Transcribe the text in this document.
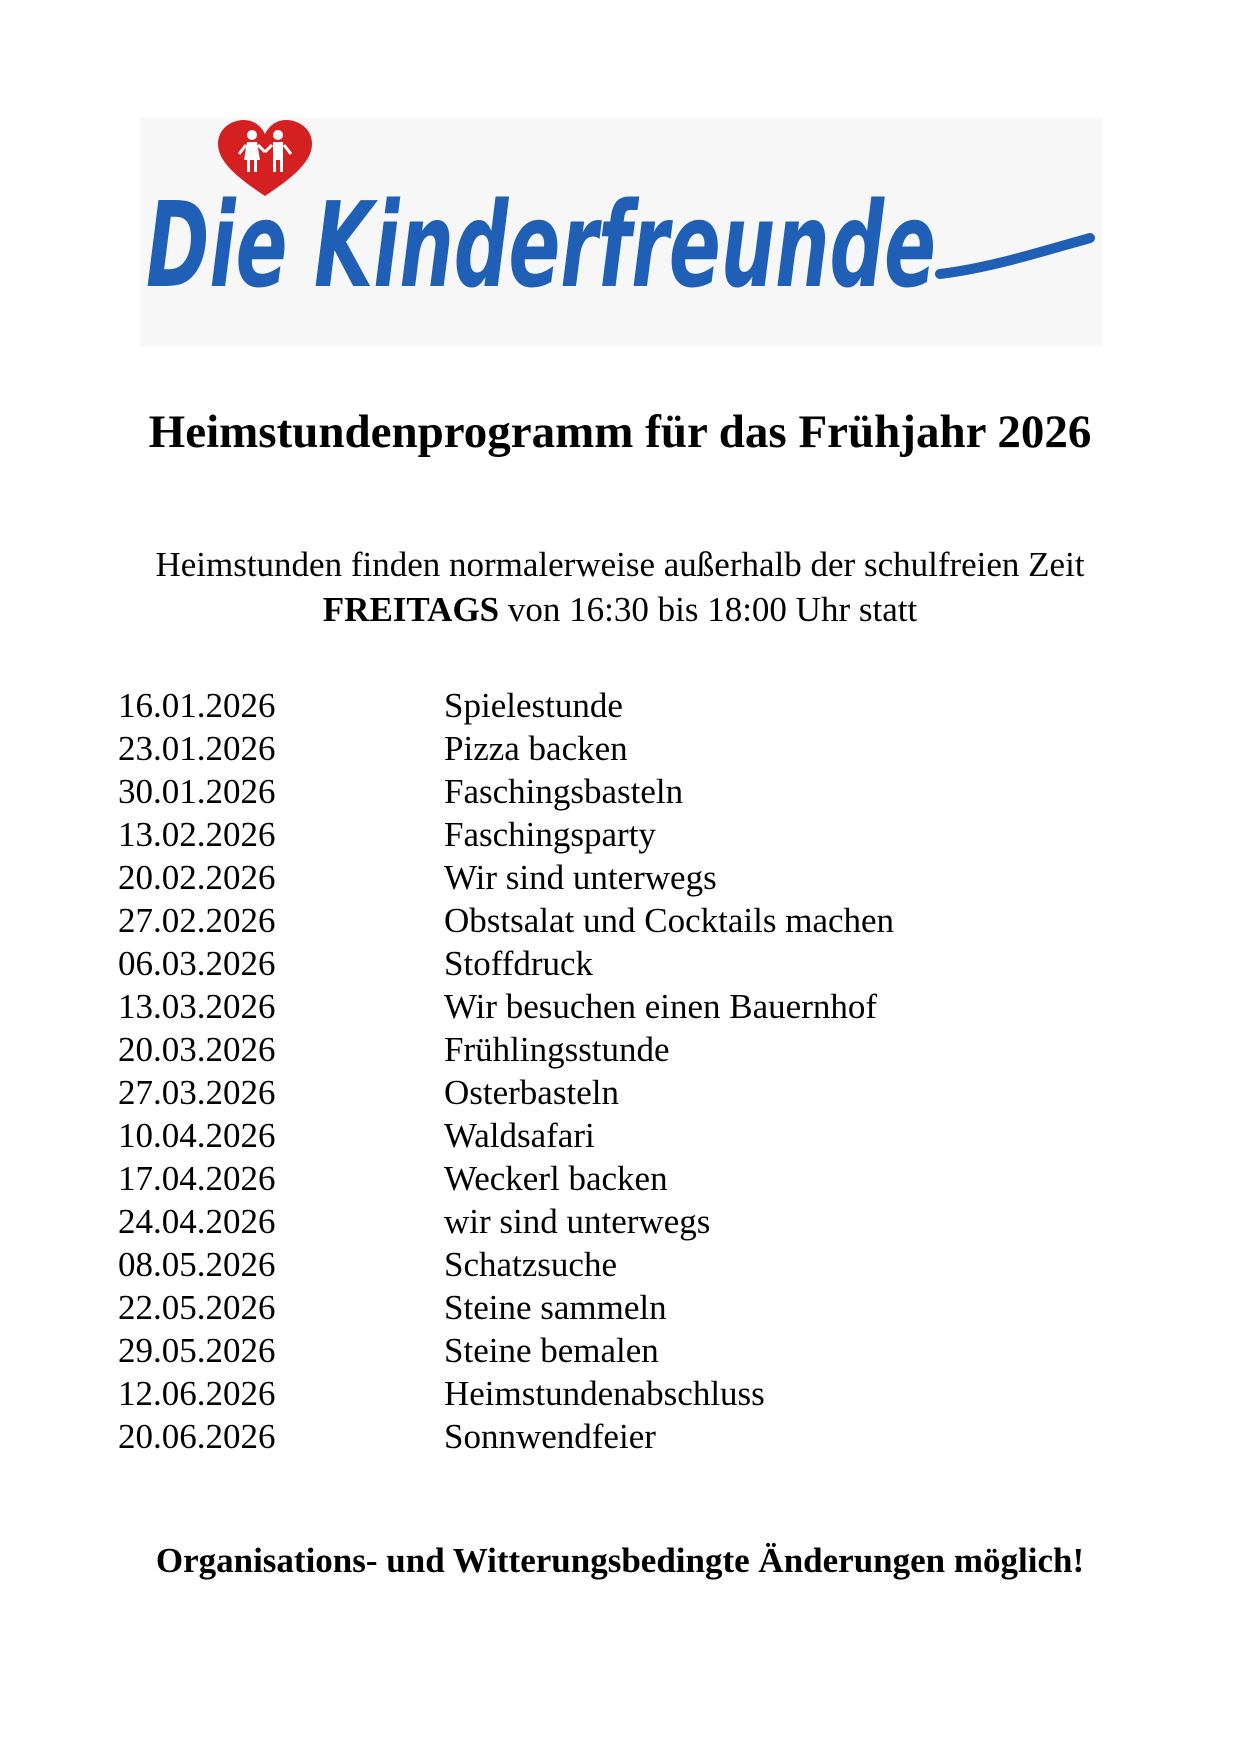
Die Kinderfreunde
Heimstundenprogramm für das Frühjahr 2026
Heimstunden finden normalerweise außerhalb der schulfreien Zeit
FREITAGS von 16:30 bis 18:00 Uhr statt
16.01.2026	Spielestunde
23.01.2026	Pizza backen
30.01.2026	Faschingsbasteln
13.02.2026	Faschingsparty
20.02.2026	Wir sind unterwegs
27.02.2026	Obstsalat und Cocktails machen
06.03.2026	Stoffdruck
13.03.2026	Wir besuchen einen Bauernhof
20.03.2026	Frühlingsstunde
27.03.2026	Osterbasteln
10.04.2026	Waldsafari
17.04.2026	Weckerl backen
24.04.2026	wir sind unterwegs
08.05.2026	Schatzsuche
22.05.2026	Steine sammeln
29.05.2026	Steine bemalen
12.06.2026	Heimstundenabschluss
20.06.2026	Sonnwendfeier
Organisations- und Witterungsbedingte Änderungen möglich!
